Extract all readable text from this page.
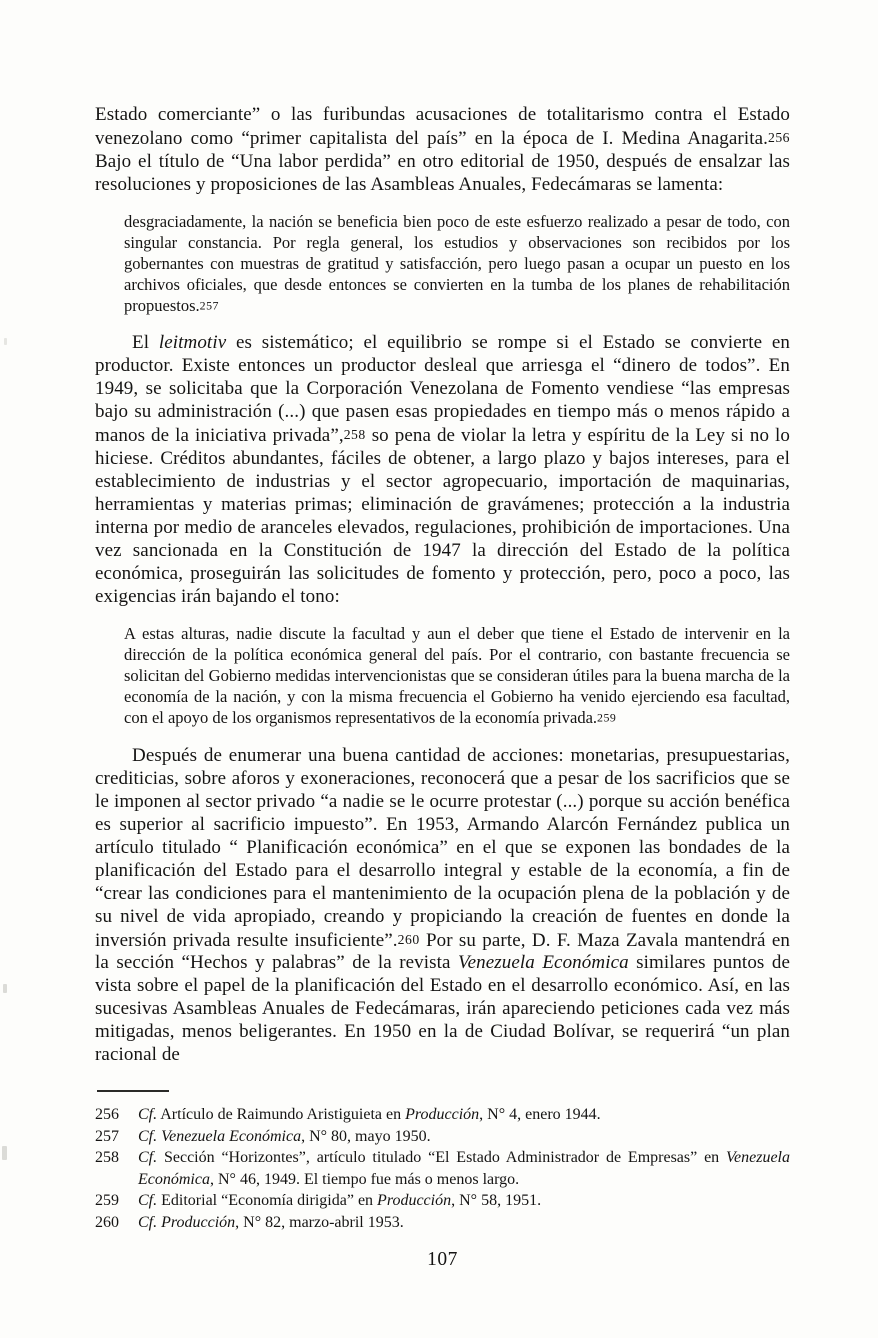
Estado comerciante” o las furibundas acusaciones de totalitarismo contra el Estado venezolano como “primer capitalista del país” en la época de I. Medina Anagarita.256 Bajo el título de “Una labor perdida” en otro editorial de 1950, después de ensalzar las resoluciones y proposiciones de las Asambleas Anuales, Fedecámaras se lamenta:

desgraciadamente, la nación se beneficia bien poco de este esfuerzo realizado a pesar de todo, con singular constancia. Por regla general, los estudios y observaciones son recibidos por los gobernantes con muestras de gratitud y satisfacción, pero luego pasan a ocupar un puesto en los archivos oficiales, que desde entonces se convierten en la tumba de los planes de rehabilitación propuestos.257

El leitmotiv es sistemático; el equilibrio se rompe si el Estado se convierte en productor. Existe entonces un productor desleal que arriesga el “dinero de todos”. En 1949, se solicitaba que la Corporación Venezolana de Fomento vendiese “las empresas bajo su administración (...) que pasen esas propiedades en tiempo más o menos rápido a manos de la iniciativa privada”,258 so pena de violar la letra y espíritu de la Ley si no lo hiciese. Créditos abundantes, fáciles de obtener, a largo plazo y bajos intereses, para el establecimiento de industrias y el sector agropecuario, importación de maquinarias, herramientas y materias primas; eliminación de gravámenes; protección a la industria interna por medio de aranceles elevados, regulaciones, prohibición de importaciones. Una vez sancionada en la Constitución de 1947 la dirección del Estado de la política económica, proseguirán las solicitudes de fomento y protección, pero, poco a poco, las exigencias irán bajando el tono:

A estas alturas, nadie discute la facultad y aun el deber que tiene el Estado de intervenir en la dirección de la política económica general del país. Por el contrario, con bastante frecuencia se solicitan del Gobierno medidas intervencionistas que se consideran útiles para la buena marcha de la economía de la nación, y con la misma frecuencia el Gobierno ha venido ejerciendo esa facultad, con el apoyo de los organismos representativos de la economía privada.259

Después de enumerar una buena cantidad de acciones: monetarias, presupuestarias, crediticias, sobre aforos y exoneraciones, reconocerá que a pesar de los sacrificios que se le imponen al sector privado “a nadie se le ocurre protestar (...) porque su acción benéfica es superior al sacrificio impuesto”. En 1953, Armando Alarcón Fernández publica un artículo titulado “ Planificación económica” en el que se exponen las bondades de la planificación del Estado para el desarrollo integral y estable de la economía, a fin de “crear las condiciones para el mantenimiento de la ocupación plena de la población y de su nivel de vida apropiado, creando y propiciando la creación de fuentes en donde la inversión privada resulte insuficiente”.260 Por su parte, D. F. Maza Zavala mantendrá en la sección “Hechos y palabras” de la revista Venezuela Económica similares puntos de vista sobre el papel de la planificación del Estado en el desarrollo económico. Así, en las sucesivas Asambleas Anuales de Fedecámaras, irán apareciendo peticiones cada vez más mitigadas, menos beligerantes. En 1950 en la de Ciudad Bolívar, se requerirá “un plan racional de

256	Cf. Artículo de Raimundo Aristiguieta en Producción, N° 4, enero 1944.
257	Cf. Venezuela Económica, N° 80, mayo 1950.
258	Cf. Sección “Horizontes”, artículo titulado “El Estado Administrador de Empresas” en Venezuela Económica, N° 46, 1949. El tiempo fue más o menos largo.
259	Cf. Editorial “Economía dirigida” en Producción, N° 58, 1951.
260	Cf. Producción, N° 82, marzo-abril 1953.
107
